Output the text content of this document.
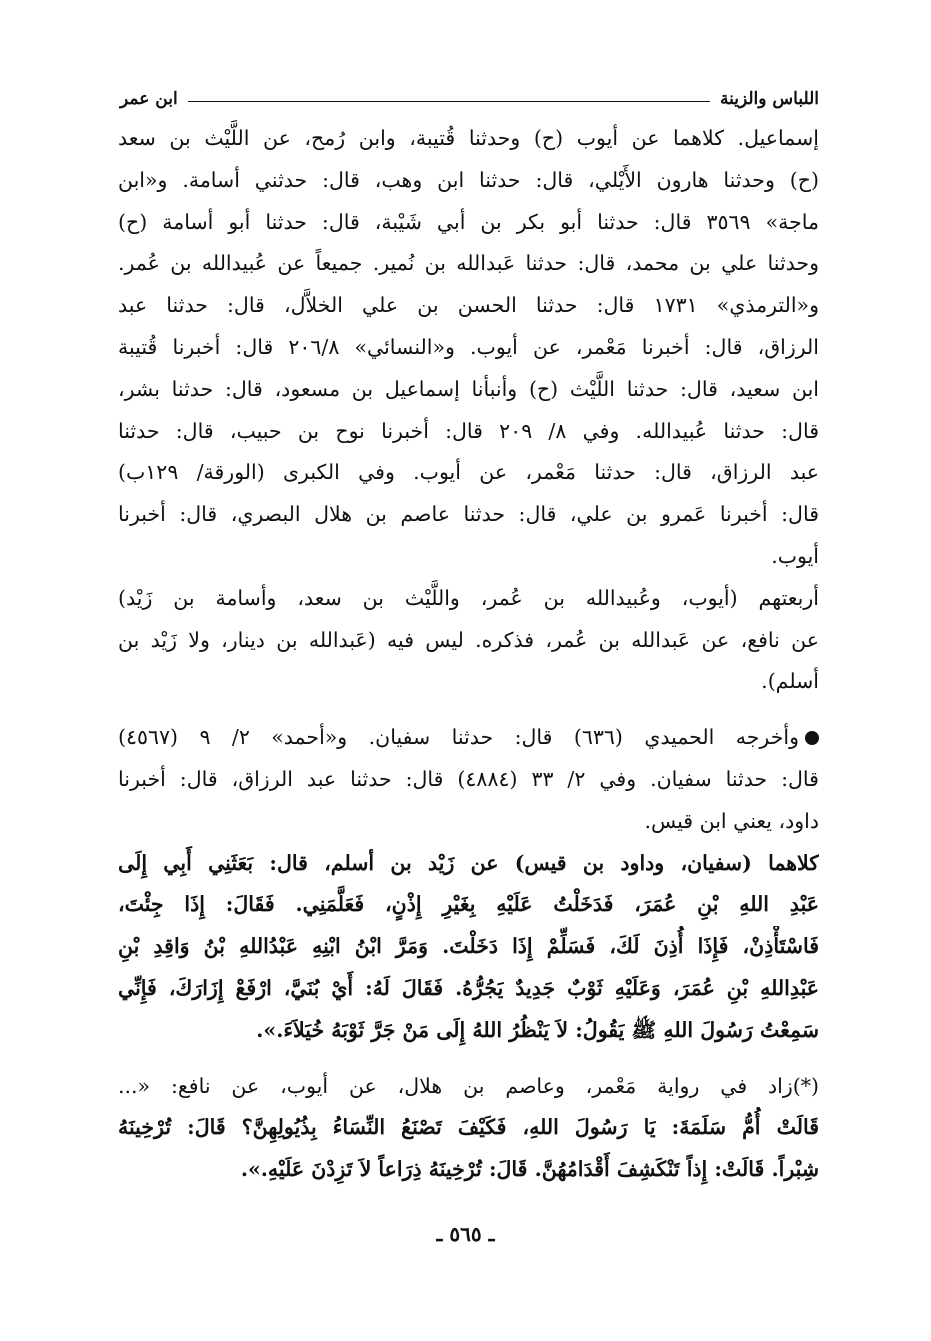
اللباس والزينة
ابن عمر
إسماعيل. كلاهما عن أيوب (ح) وحدثنا قُتيبة، وابن رُمح، عن اللَّيْث بن سعد
(ح) وحدثنا هارون الأَيْلي، قال: حدثنا ابن وهب، قال: حدثني أسامة. و«ابن
ماجة» ٣٥٦٩ قال: حدثنا أبو بكر بن أبي شَيْبة، قال: حدثنا أبو أسامة (ح)
وحدثنا علي بن محمد، قال: حدثنا عَبدالله بن نُمير. جميعاً عن عُبيدالله بن عُمر.
و«الترمذي» ١٧٣١ قال: حدثنا الحسن بن علي الخلاَّل، قال: حدثنا عبد
الرزاق، قال: أخبرنا مَعْمر، عن أيوب. و«النسائي» ٢٠٦/٨ قال: أخبرنا قُتيبة
ابن سعيد، قال: حدثنا اللَّيْث (ح) وأنبأنا إسماعيل بن مسعود، قال: حدثنا بشر،
قال: حدثنا عُبيدالله. وفي ٨/ ٢٠٩ قال: أخبرنا نوح بن حبيب، قال: حدثنا
عبد الرزاق، قال: حدثنا مَعْمر، عن أيوب. وفي الكبرى (الورقة/ ١٢٩ب)
قال: أخبرنا عَمرو بن علي، قال: حدثنا عاصم بن هلال البصري، قال: أخبرنا
أيوب.
أربعتهم (أيوب، وعُبيدالله بن عُمر، واللَّيْث بن سعد، وأسامة بن زَيْد)
عن نافع، عن عَبدالله بن عُمر، فذكره. ليس فيه (عَبدالله بن دينار، ولا زَيْد بن
أسلم).
وأخرجه الحميدي (٦٣٦) قال: حدثنا سفيان. و«أحمد» ٢/ ٩ (٤٥٦٧)
قال: حدثنا سفيان. وفي ٢/ ٣٣ (٤٨٨٤) قال: حدثنا عبد الرزاق، قال: أخبرنا
داود، يعني ابن قيس.
كلاهما (سفيان، وداود بن قيس) عن زَيْد بن أسلم، قال: بَعَثَنِي أَبِي إِلَى
عَبْدِ اللهِ بْنِ عُمَرَ، فَدَخَلْتُ عَلَيْهِ بِغَيْرِ إِذْنٍ، فَعَلَّمَنِي. فَقَالَ: إِذَا جِئْتَ،
فَاسْتَأْذِنْ، فَإِذَا أُذِنَ لَكَ، فَسَلِّمْ إِذَا دَخَلْتَ. وَمَرَّ ابْنُ ابْنِهِ عَبْدُاللهِ بْنُ وَاقِدِ بْنِ
عَبْدِاللهِ بْنِ عُمَرَ، وَعَلَيْهِ ثَوْبٌ جَدِيدٌ يَجُرُّهُ. فَقَالَ لَهُ: أَيْ بُنَيَّ، ارْفَعْ إِزَارَكَ، فَإِنِّي
سَمِعْتُ رَسُولَ اللهِ ﷺ يَقُولُ: لاَ يَنْظُرُ اللهُ إِلَى مَنْ جَرَّ ثَوْبَهُ خُيَلاَءَ.».
(*)زاد في رواية مَعْمر، وعاصم بن هلال، عن أيوب، عن نافع: «...
قَالَتْ أُمُّ سَلَمَةَ: يَا رَسُولَ اللهِ، فَكَيْفَ تَصْنَعُ النِّسَاءُ بِذُيُولِهِنَّ؟ قَالَ: تُرْخِينَهُ
شِبْراً. قَالَتْ: إِذاً تَنْكَشِفَ أَقْدَامُهُنَّ. قَالَ: تُرْخِينَهُ ذِرَاعاً لاَ تَزِدْنَ عَلَيْهِ.».
ـ ٥٦٥ ـ
